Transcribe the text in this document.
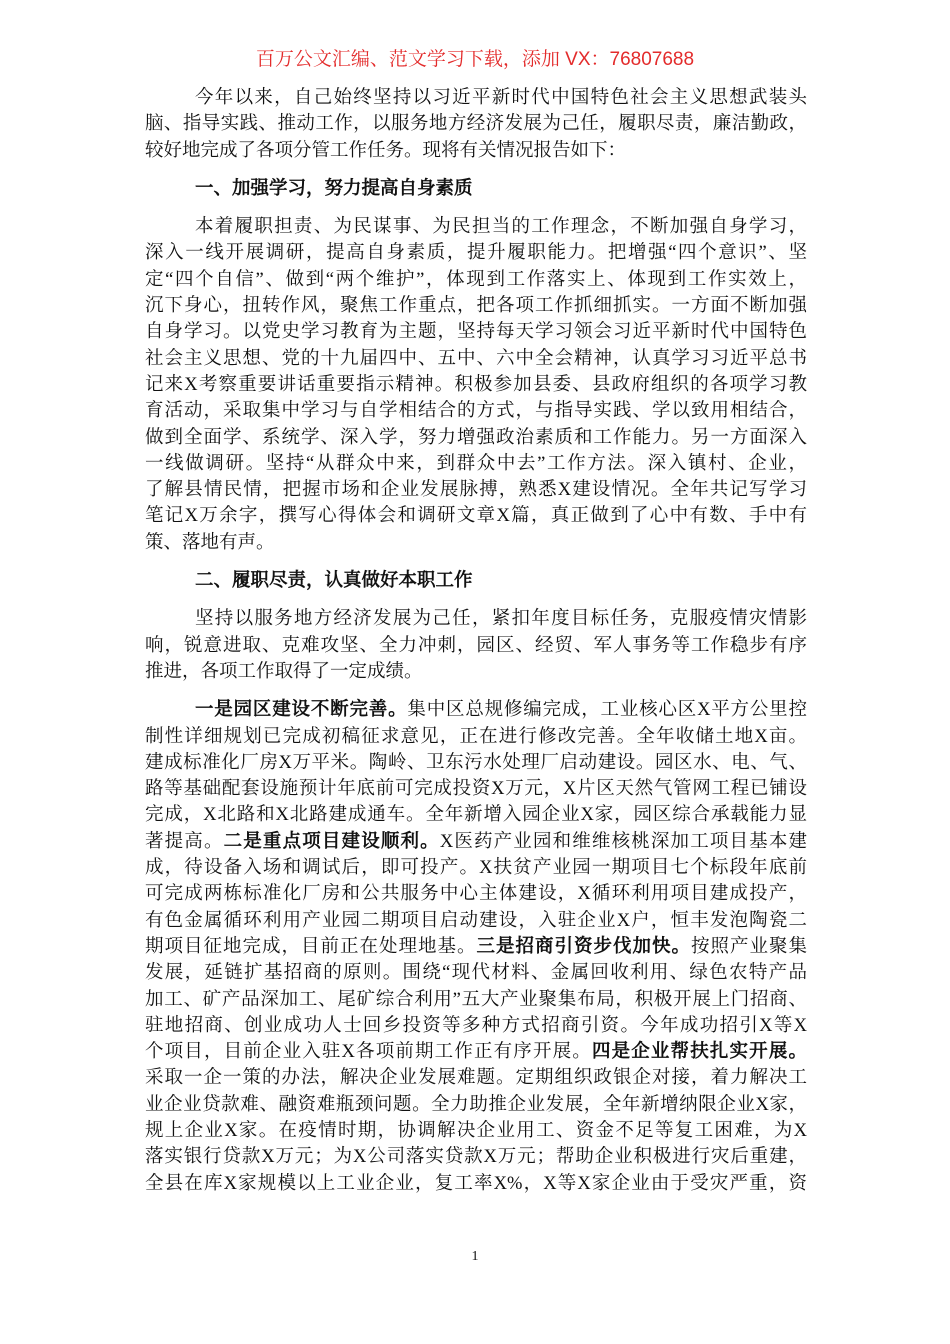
百万公文汇编、范文学习下载，添加 VX：76807688
今年以来，自己始终坚持以习近平新时代中国特色社会主义思想武装头
脑、指导实践、推动工作，以服务地方经济发展为己任，履职尽责，廉洁勤政，
较好地完成了各项分管工作任务。现将有关情况报告如下：
一、加强学习，努力提高自身素质
本着履职担责、为民谋事、为民担当的工作理念，不断加强自身学习，
深入一线开展调研，提高自身素质，提升履职能力。把增强“四个意识”、坚
定“四个自信”、做到“两个维护”，体现到工作落实上、体现到工作实效上，
沉下身心，扭转作风，聚焦工作重点，把各项工作抓细抓实。一方面不断加强
自身学习。以党史学习教育为主题，坚持每天学习领会习近平新时代中国特色
社会主义思想、党的十九届四中、五中、六中全会精神，认真学习习近平总书
记来X考察重要讲话重要指示精神。积极参加县委、县政府组织的各项学习教
育活动，采取集中学习与自学相结合的方式，与指导实践、学以致用相结合，
做到全面学、系统学、深入学，努力增强政治素质和工作能力。另一方面深入
一线做调研。坚持“从群众中来，到群众中去”工作方法。深入镇村、企业，
了解县情民情，把握市场和企业发展脉搏，熟悉X建设情况。全年共记写学习
笔记X万余字，撰写心得体会和调研文章X篇，真正做到了心中有数、手中有
策、落地有声。
二、履职尽责，认真做好本职工作
坚持以服务地方经济发展为己任，紧扣年度目标任务，克服疫情灾情影
响，锐意进取、克难攻坚、全力冲刺，园区、经贸、军人事务等工作稳步有序
推进，各项工作取得了一定成绩。
一是园区建设不断完善。集中区总规修编完成，工业核心区X平方公里控
制性详细规划已完成初稿征求意见，正在进行修改完善。全年收储土地X亩。
建成标准化厂房X万平米。陶岭、卫东污水处理厂启动建设。园区水、电、气、
路等基础配套设施预计年底前可完成投资X万元，X片区天然气管网工程已铺设
完成，X北路和X北路建成通车。全年新增入园企业X家，园区综合承载能力显
著提高。二是重点项目建设顺利。X医药产业园和维维核桃深加工项目基本建
成，待设备入场和调试后，即可投产。X扶贫产业园一期项目七个标段年底前
可完成两栋标准化厂房和公共服务中心主体建设，X循环利用项目建成投产，
有色金属循环利用产业园二期项目启动建设，入驻企业X户，恒丰发泡陶瓷二
期项目征地完成，目前正在处理地基。三是招商引资步伐加快。按照产业聚集
发展，延链扩基招商的原则。围绕“现代材料、金属回收利用、绿色农特产品
加工、矿产品深加工、尾矿综合利用”五大产业聚集布局，积极开展上门招商、
驻地招商、创业成功人士回乡投资等多种方式招商引资。今年成功招引X等X
个项目，目前企业入驻X各项前期工作正有序开展。四是企业帮扶扎实开展。
采取一企一策的办法，解决企业发展难题。定期组织政银企对接，着力解决工
业企业贷款难、融资难瓶颈问题。全力助推企业发展，全年新增纳限企业X家，
规上企业X家。在疫情时期，协调解决企业用工、资金不足等复工困难，为X
落实银行贷款X万元；为X公司落实贷款X万元；帮助企业积极进行灾后重建，
全县在库X家规模以上工业企业，复工率X%，X等X家企业由于受灾严重，资
1
